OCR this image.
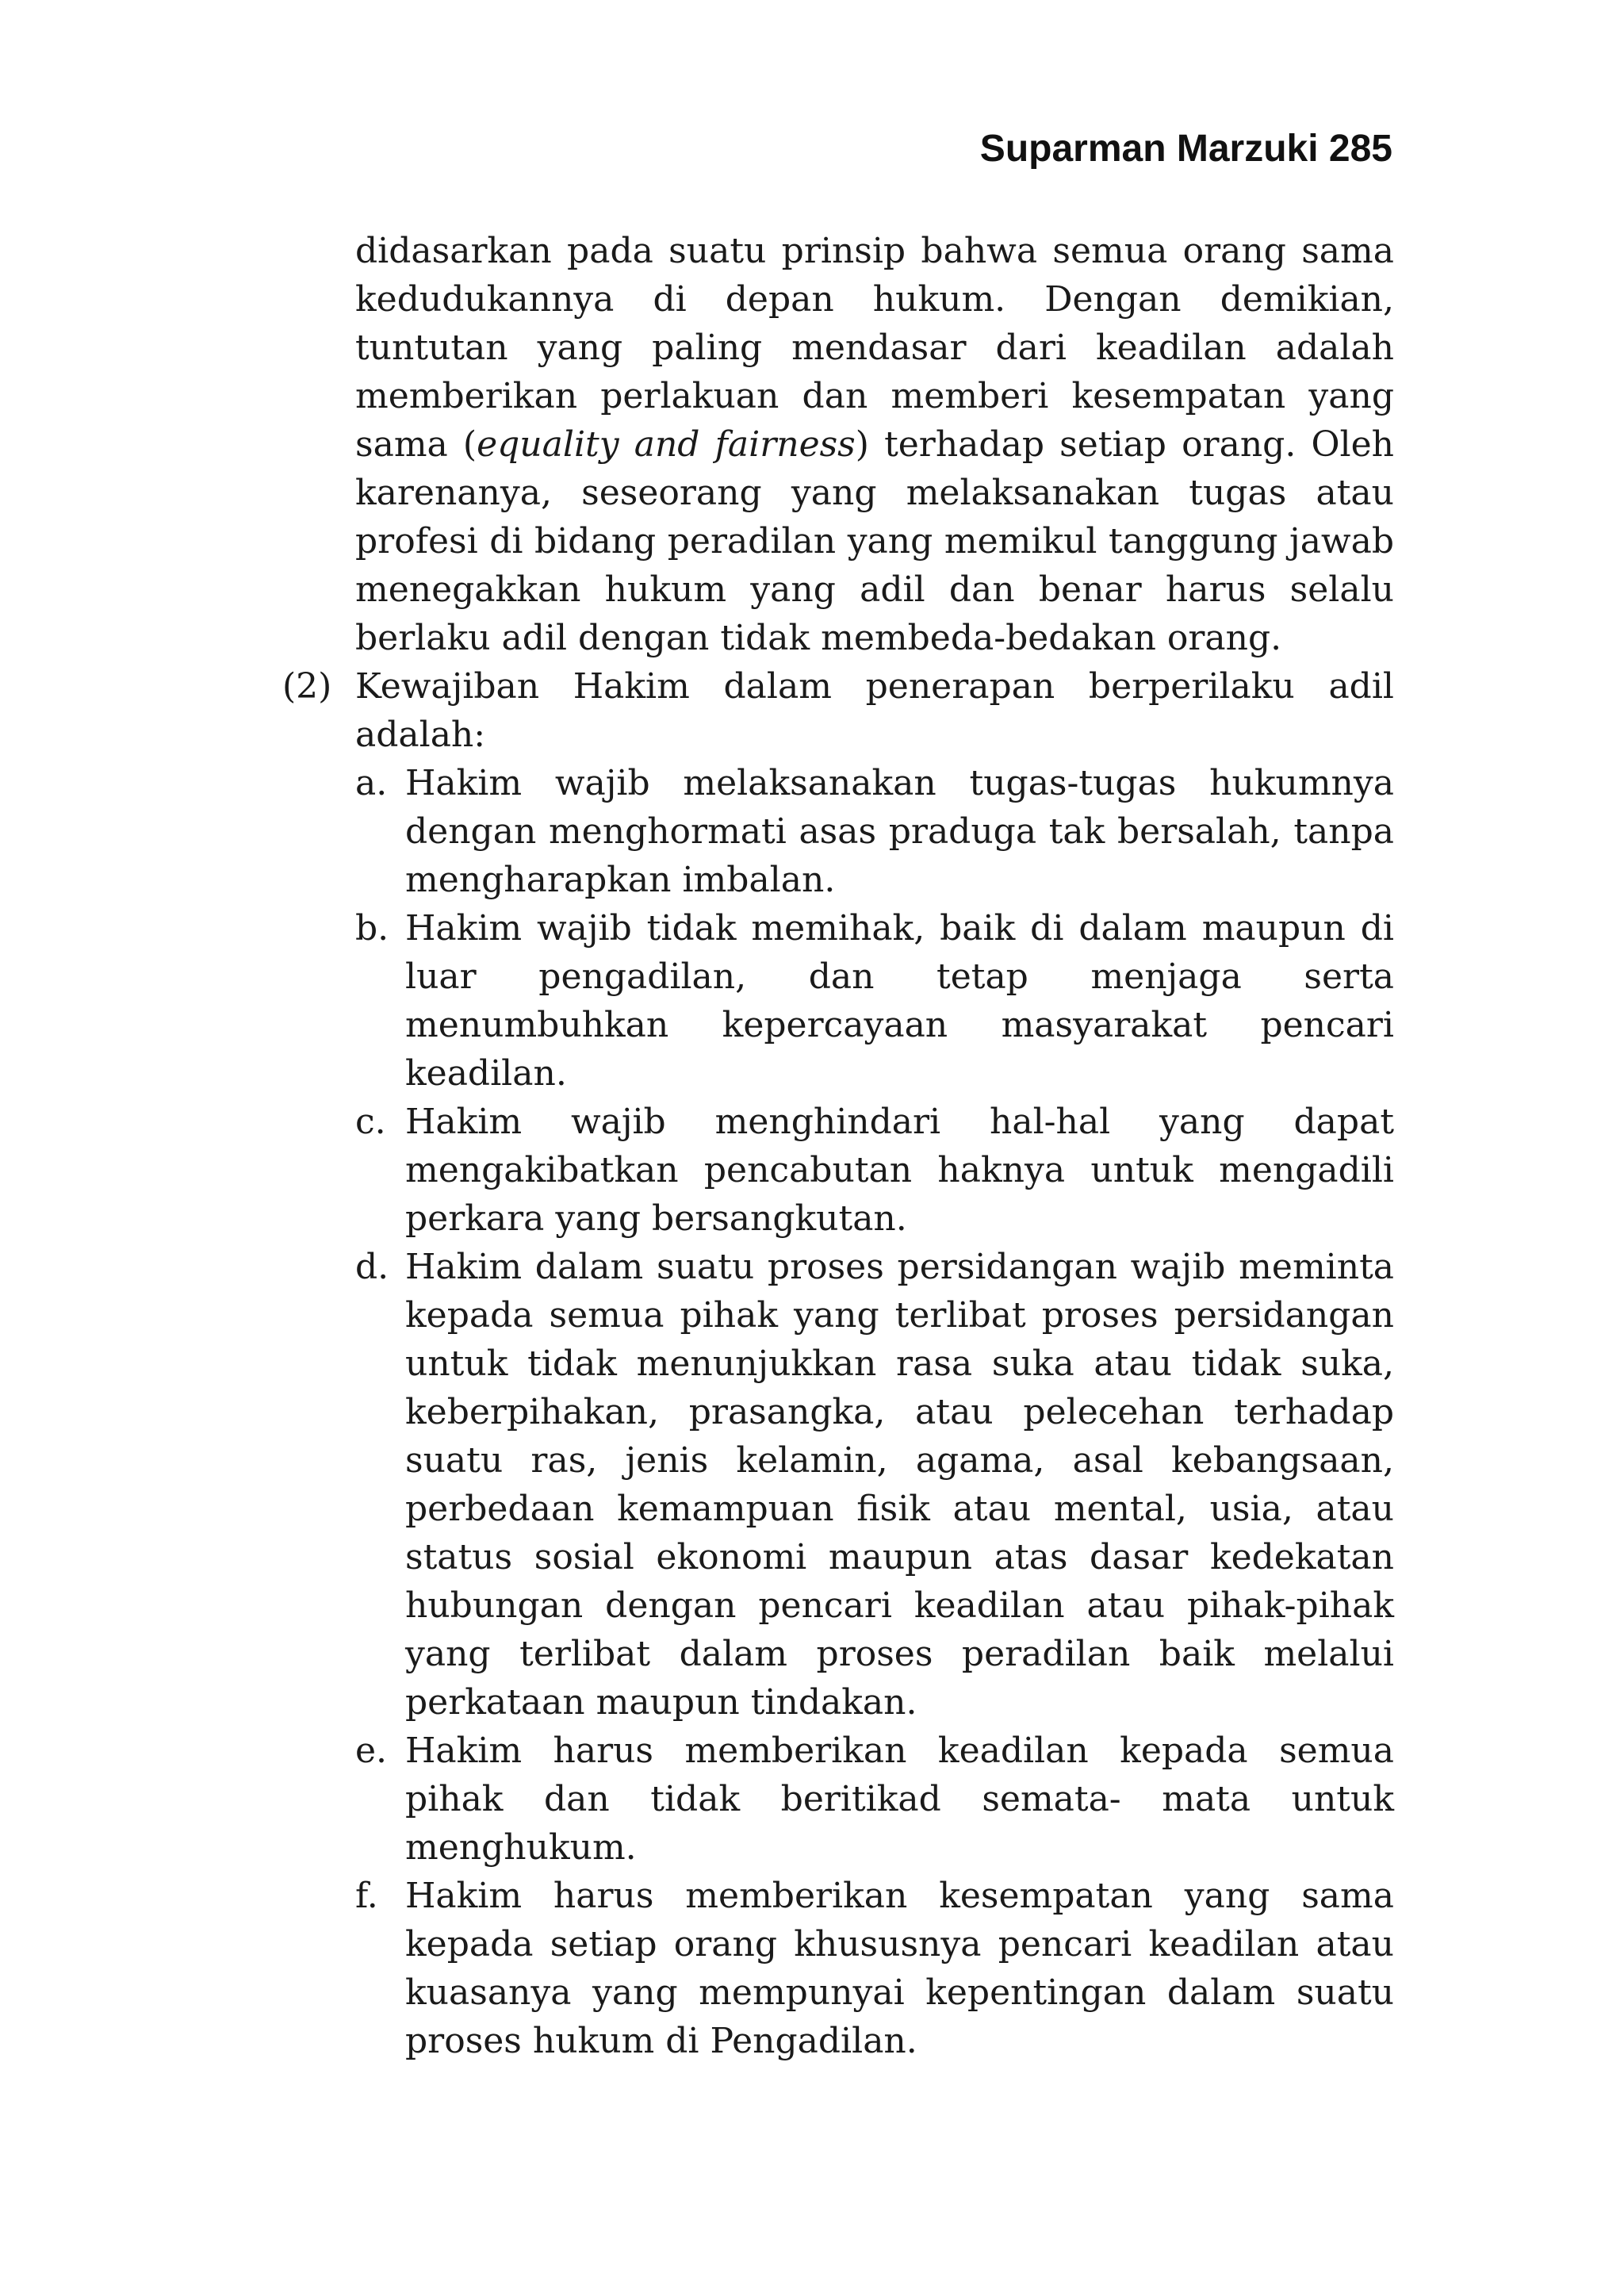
Suparman Marzuki 285

didasarkan pada suatu prinsip bahwa semua orang sama kedudukannya di depan hukum. Dengan demikian, tuntutan yang paling mendasar dari keadilan adalah memberikan perlakuan dan memberi kesempatan yang sama (equality and fairness) terhadap setiap orang. Oleh karenanya, seseorang yang melaksanakan tugas atau profesi di bidang peradilan yang memikul tanggung jawab menegakkan hukum yang adil dan benar harus selalu berlaku adil dengan tidak membeda-bedakan orang.

(2) Kewajiban Hakim dalam penerapan berperilaku adil adalah:
a. Hakim wajib melaksanakan tugas-tugas hukumnya dengan menghormati asas praduga tak bersalah, tanpa mengharapkan imbalan.
b. Hakim wajib tidak memihak, baik di dalam maupun di luar pengadilan, dan tetap menjaga serta menumbuhkan kepercayaan masyarakat pencari keadilan.
c. Hakim wajib menghindari hal-hal yang dapat mengakibatkan pencabutan haknya untuk mengadili perkara yang bersangkutan.
d. Hakim dalam suatu proses persidangan wajib meminta kepada semua pihak yang terlibat proses persidangan untuk tidak menunjukkan rasa suka atau tidak suka, keberpihakan, prasangka, atau pelecehan terhadap suatu ras, jenis kelamin, agama, asal kebangsaan, perbedaan kemampuan fisik atau mental, usia, atau status sosial ekonomi maupun atas dasar kedekatan hubungan dengan pencari keadilan atau pihak-pihak yang terlibat dalam proses peradilan baik melalui perkataan maupun tindakan.
e. Hakim harus memberikan keadilan kepada semua pihak dan tidak beritikad semata- mata untuk menghukum.
f. Hakim harus memberikan kesempatan yang sama kepada setiap orang khususnya pencari keadilan atau kuasanya yang mempunyai kepentingan dalam suatu proses hukum di Pengadilan.
